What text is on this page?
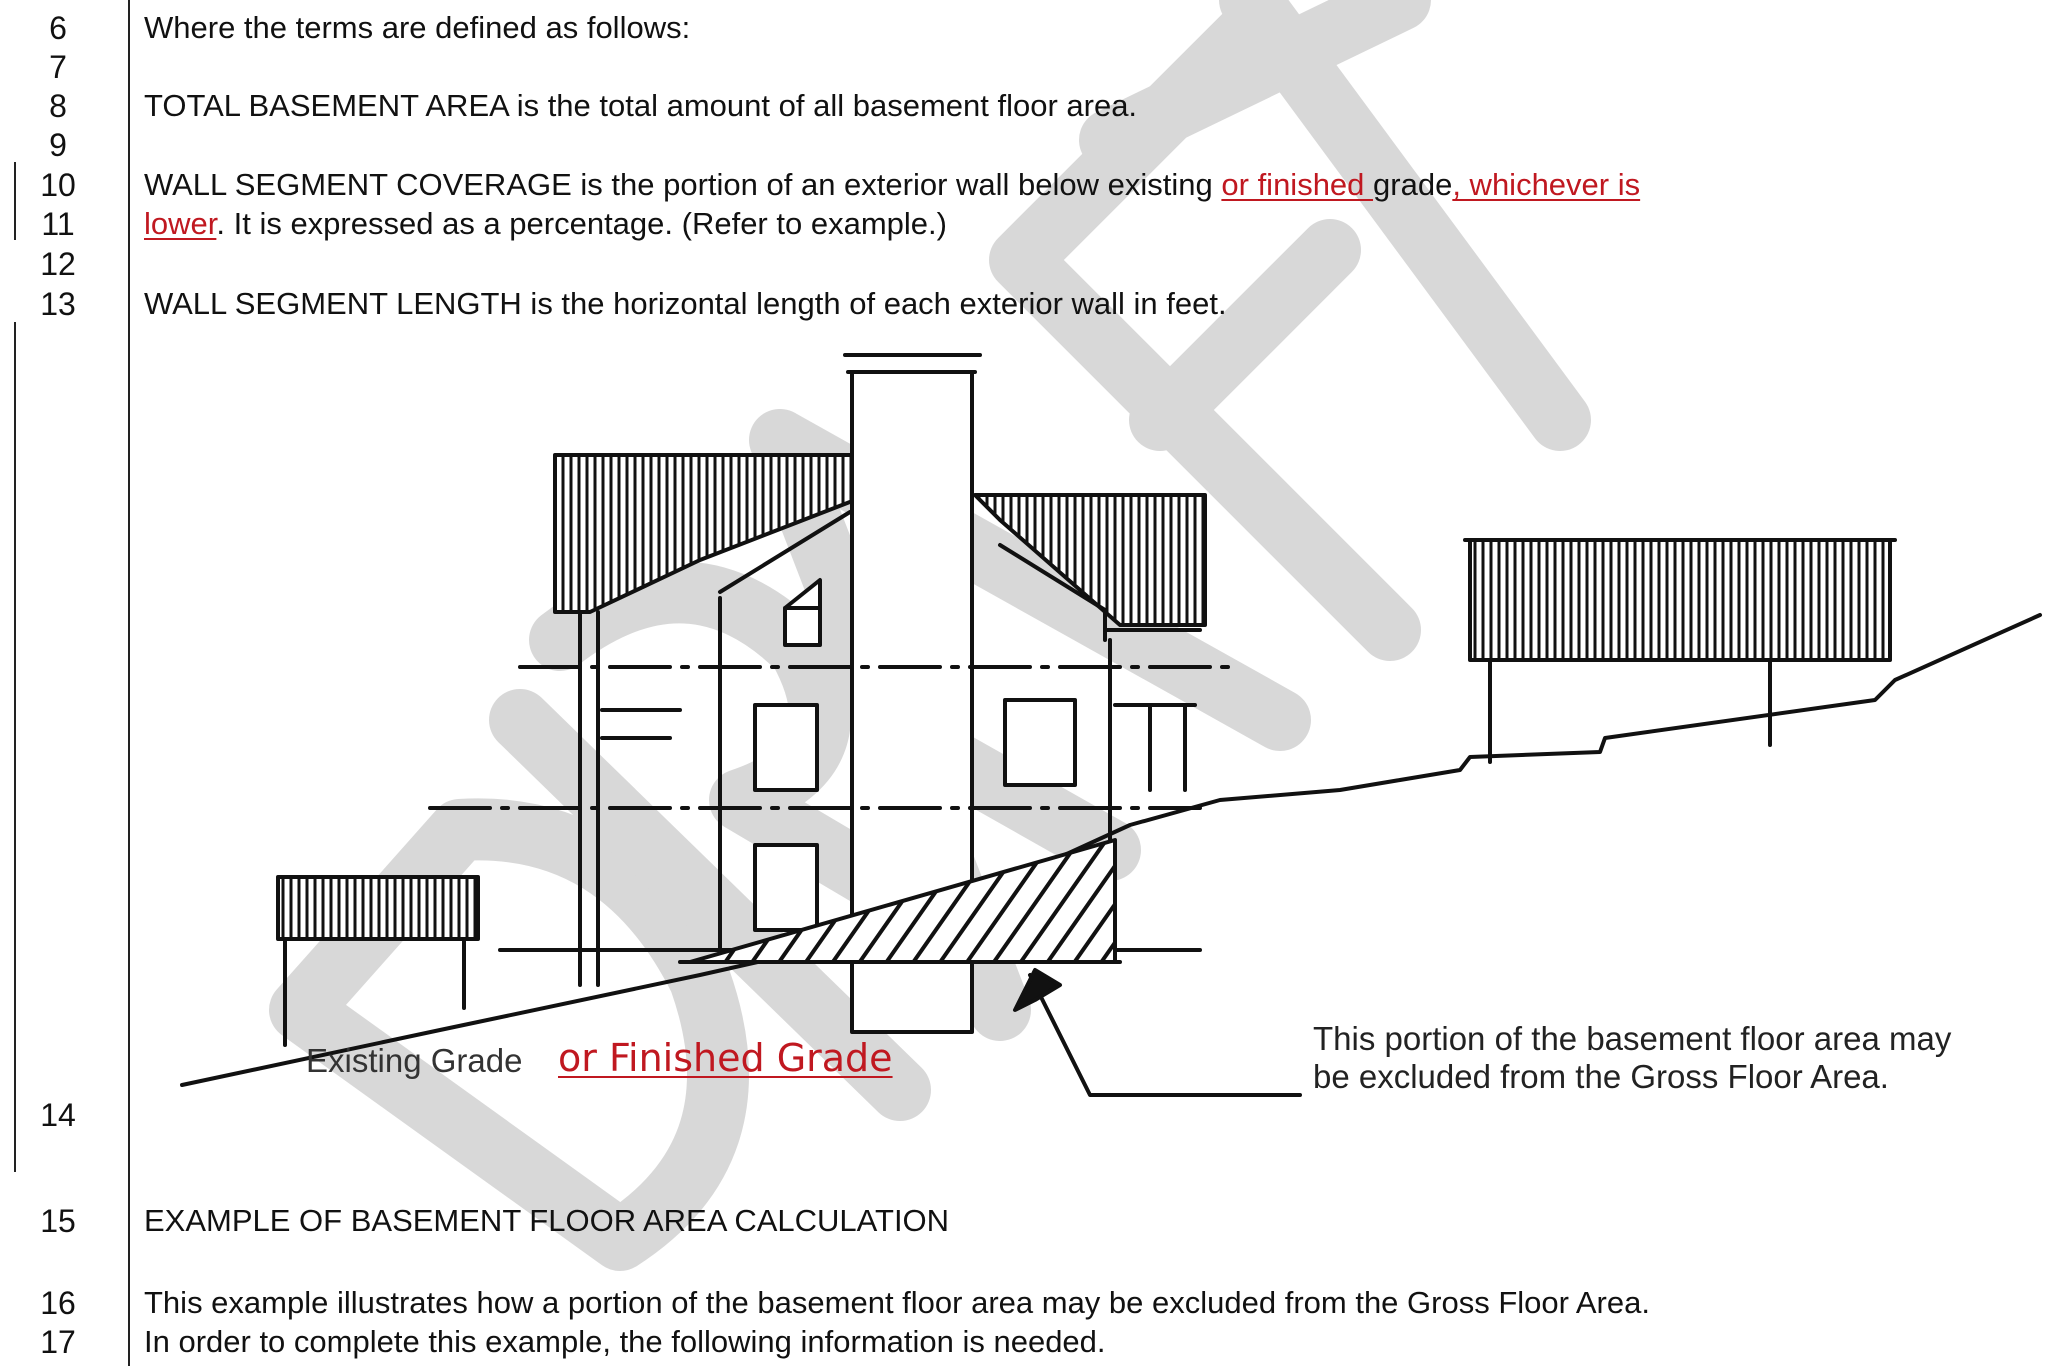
6
7
8
9
10
11
12
13
14
15
16
17
Where the terms are defined as follows:
TOTAL BASEMENT AREA is the total amount of all basement floor area.
WALL SEGMENT COVERAGE is the portion of an exterior wall below existing or finished grade, whichever is
lower. It is expressed as a percentage. (Refer to example.)
WALL SEGMENT LENGTH is the horizontal length of each exterior wall in feet.
EXAMPLE OF BASEMENT FLOOR AREA CALCULATION
This example illustrates how a portion of the basement floor area may be excluded from the Gross Floor Area.
In order to complete this example, the following information is needed.
Existing Grade or Finished Grade	This portion of the basement floor area may
be excluded from the Gross Floor Area.
